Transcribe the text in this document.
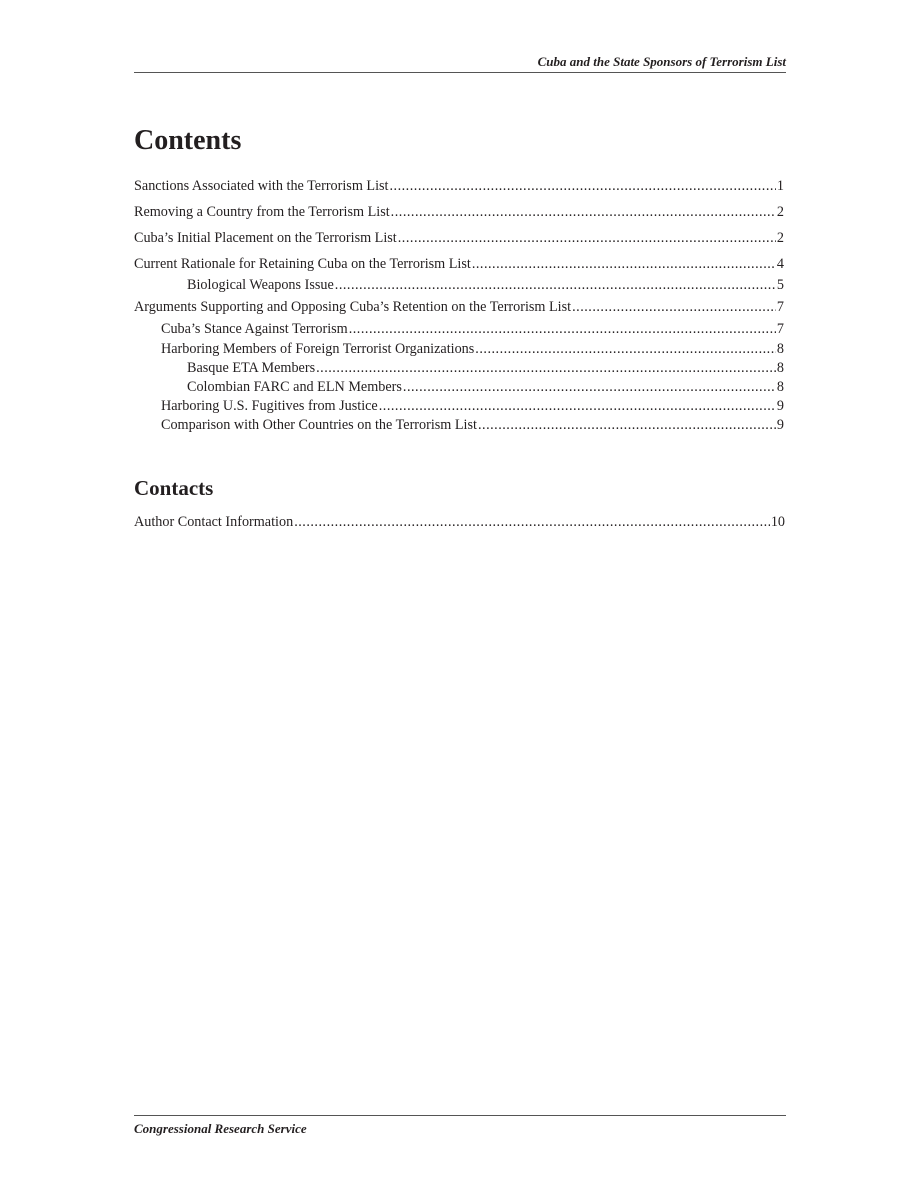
Cuba and the State Sponsors of Terrorism List
Contents
Sanctions Associated with the Terrorism List .....	1
Removing a Country from the Terrorism List .....	2
Cuba’s Initial Placement on the Terrorism List .....	2
Current Rationale for Retaining Cuba on the Terrorism List .....	4
Biological Weapons Issue .....	5
Arguments Supporting and Opposing Cuba’s Retention on the Terrorism List .....	7
Cuba’s Stance Against Terrorism .....	7
Harboring Members of Foreign Terrorist Organizations .....	8
Basque ETA Members .....	8
Colombian FARC and ELN Members .....	8
Harboring U.S. Fugitives from Justice .....	9
Comparison with Other Countries on the Terrorism List .....	9
Contacts
Author Contact Information .....	10
Congressional Research Service
